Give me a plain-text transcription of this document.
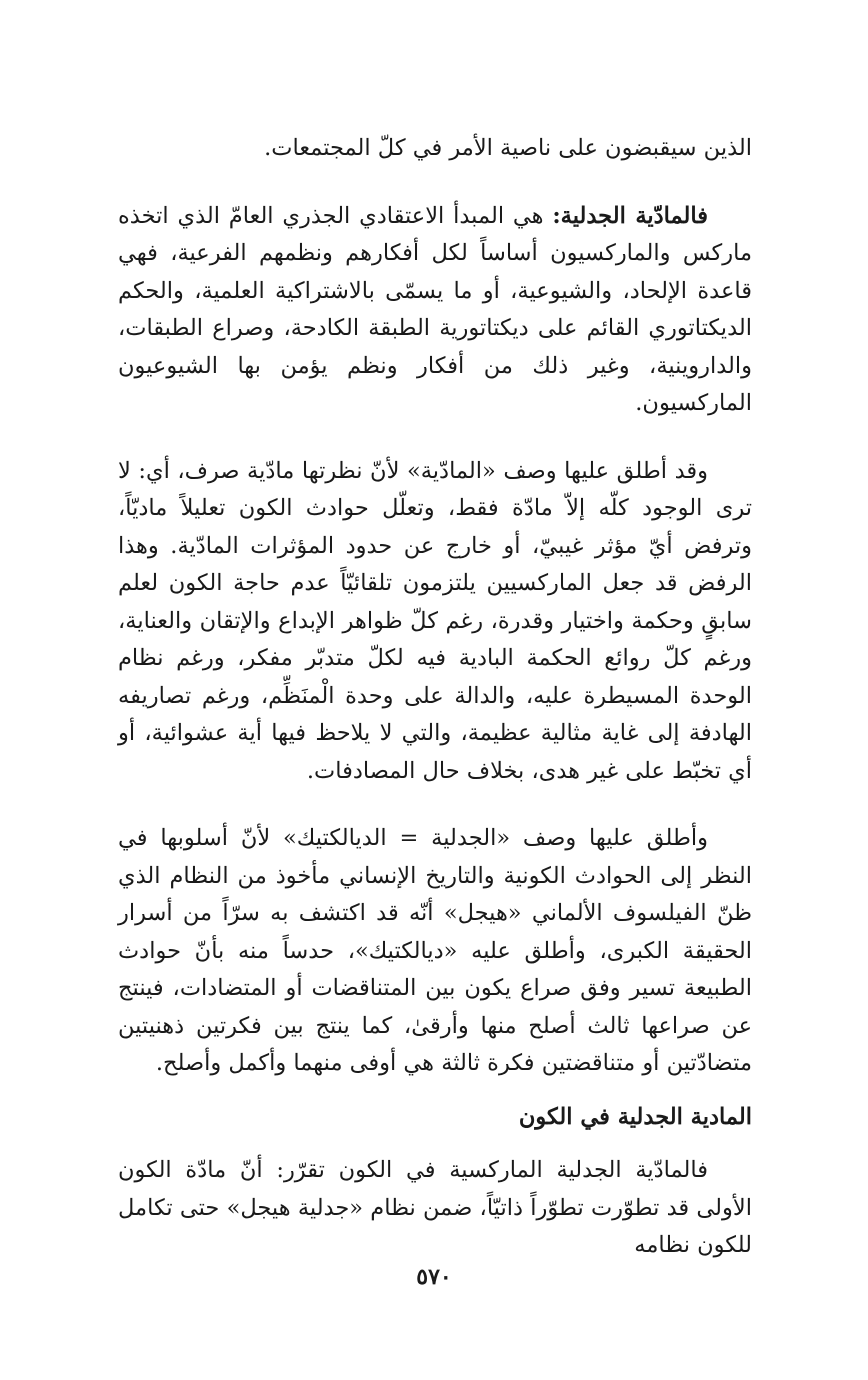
الذين سيقبضون على ناصية الأمر في كلّ المجتمعات.

فالمادّية الجدلية: هي المبدأ الاعتقادي الجذري العامّ الذي اتخذه ماركس والماركسيون أساساً لكل أفكارهم ونظمهم الفرعية، فهي قاعدة الإلحاد، والشيوعية، أو ما يسمّى بالاشتراكية العلمية، والحكم الديكتاتوري القائم على ديكتاتورية الطبقة الكادحة، وصراع الطبقات، والداروينية، وغير ذلك من أفكار ونظم يؤمن بها الشيوعيون الماركسيون.

وقد أطلق عليها وصف «المادّية» لأنّ نظرتها مادّية صرف، أي: لا ترى الوجود كلّه إلاّ مادّة فقط، وتعلّل حوادث الكون تعليلاً ماديّاً، وترفض أيّ مؤثر غيبيّ، أو خارج عن حدود المؤثرات المادّية. وهذا الرفض قد جعل الماركسيين يلتزمون تلقائيّاً عدم حاجة الكون لعلم سابقٍ وحكمة واختيار وقدرة، رغم كلّ ظواهر الإبداع والإتقان والعناية، ورغم كلّ روائع الحكمة البادية فيه لكلّ متدبّر مفكر، ورغم نظام الوحدة المسيطرة عليه، والدالة على وحدة الْمنَظِّم، ورغم تصاريفه الهادفة إلى غاية مثالية عظيمة، والتي لا يلاحظ فيها أية عشوائية، أو أي تخبّط على غير هدى، بخلاف حال المصادفات.

وأطلق عليها وصف «الجدلية = الديالكتيك» لأنّ أسلوبها في النظر إلى الحوادث الكونية والتاريخ الإنساني مأخوذ من النظام الذي ظنّ الفيلسوف الألماني «هيجل» أنّه قد اكتشف به سرّاً من أسرار الحقيقة الكبرى، وأطلق عليه «ديالكتيك»، حدساً منه بأنّ حوادث الطبيعة تسير وفق صراع يكون بين المتناقضات أو المتضادات، فينتج عن صراعها ثالث أصلح منها وأرقىٰ، كما ينتج بين فكرتين ذهنيتين متضادّتين أو متناقضتين فكرة ثالثة هي أوفى منهما وأكمل وأصلح.

المادية الجدلية في الكون

فالمادّية الجدلية الماركسية في الكون تقرّر: أنّ مادّة الكون الأولى قد تطوّرت تطوّراً ذاتيّاً، ضمن نظام «جدلية هيجل» حتى تكامل للكون نظامه

٥٧٠
